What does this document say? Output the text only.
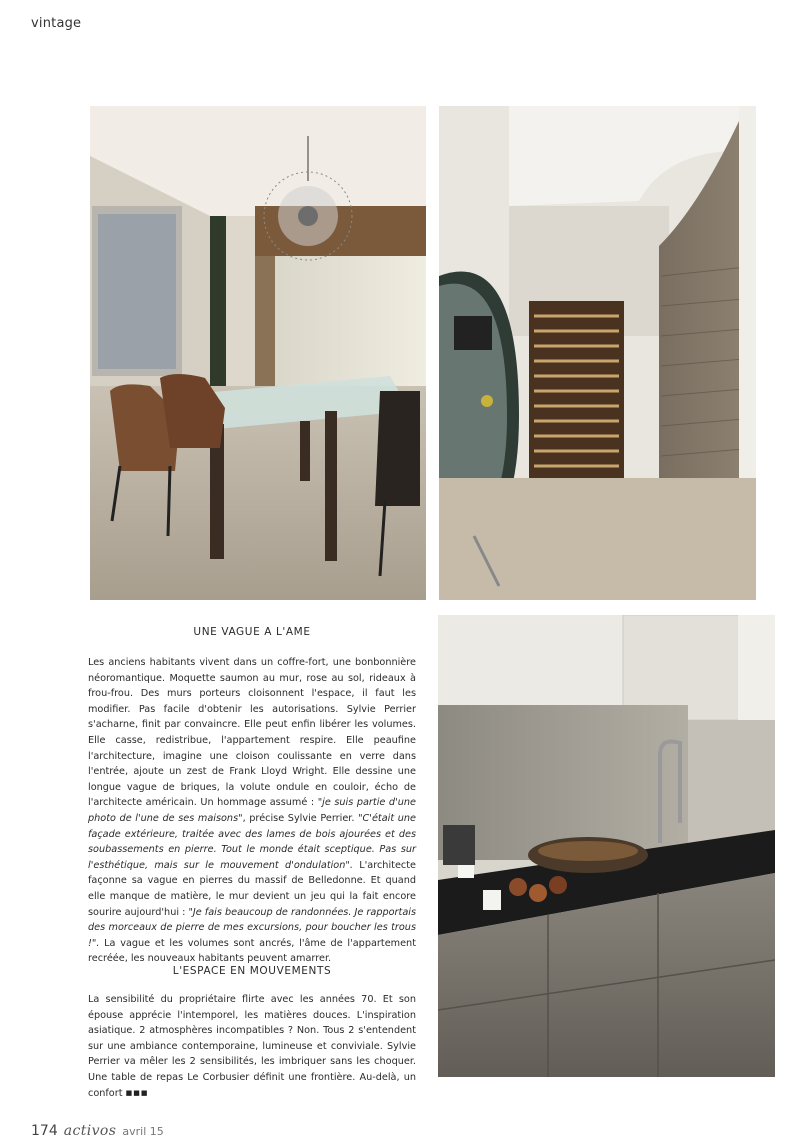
vintage
UNE VAGUE A L'AME

Les anciens habitants vivent dans un coffre-fort, une bonbonnière néoromantique. Moquette saumon au mur, rose au sol, rideaux à frou-frou. Des murs porteurs cloisonnent l'espace, il faut les modifier. Pas facile d'obtenir les autorisations. Sylvie Perrier s'acharne, finit par convaincre. Elle peut enfin libérer les volumes. Elle casse, redistribue, l'appartement respire. Elle peaufine l'architecture, imagine une cloison coulissante en verre dans l'entrée, ajoute un zest de Frank Lloyd Wright. Elle dessine une longue vague de briques, la volute ondule en couloir, écho de l'architecte américain. Un hommage assumé : "je suis partie d'une photo de l'une de ses maisons", précise Sylvie Perrier. "C'était une façade extérieure, traitée avec des lames de bois ajourées et des soubassements en pierre. Tout le monde était sceptique. Pas sur l'esthétique, mais sur le mouvement d'ondulation". L'architecte façonne sa vague en pierres du massif de Belledonne. Et quand elle manque de matière, le mur devient un jeu qui la fait encore sourire aujourd'hui : "Je fais beaucoup de randonnées. Je rapportais des morceaux de pierre de mes excursions, pour boucher les trous !". La vague et les volumes sont ancrés, l'âme de l'appartement recréée, les nouveaux habitants peuvent amarrer.

L'ESPACE EN MOUVEMENTS

La sensibilité du propriétaire flirte avec les années 70. Et son épouse apprécie l'intemporel, les matières douces. L'inspiration asiatique. 2 atmosphères incompatibles ? Non. Tous 2 s'entendent sur une ambiance contemporaine, lumineuse et conviviale. Sylvie Perrier va mêler les 2 sensibilités, les imbriquer sans les choquer. Une table de repas Le Corbusier définit une frontière. Au-delà, un confort ■■■

174 activos avril 15
